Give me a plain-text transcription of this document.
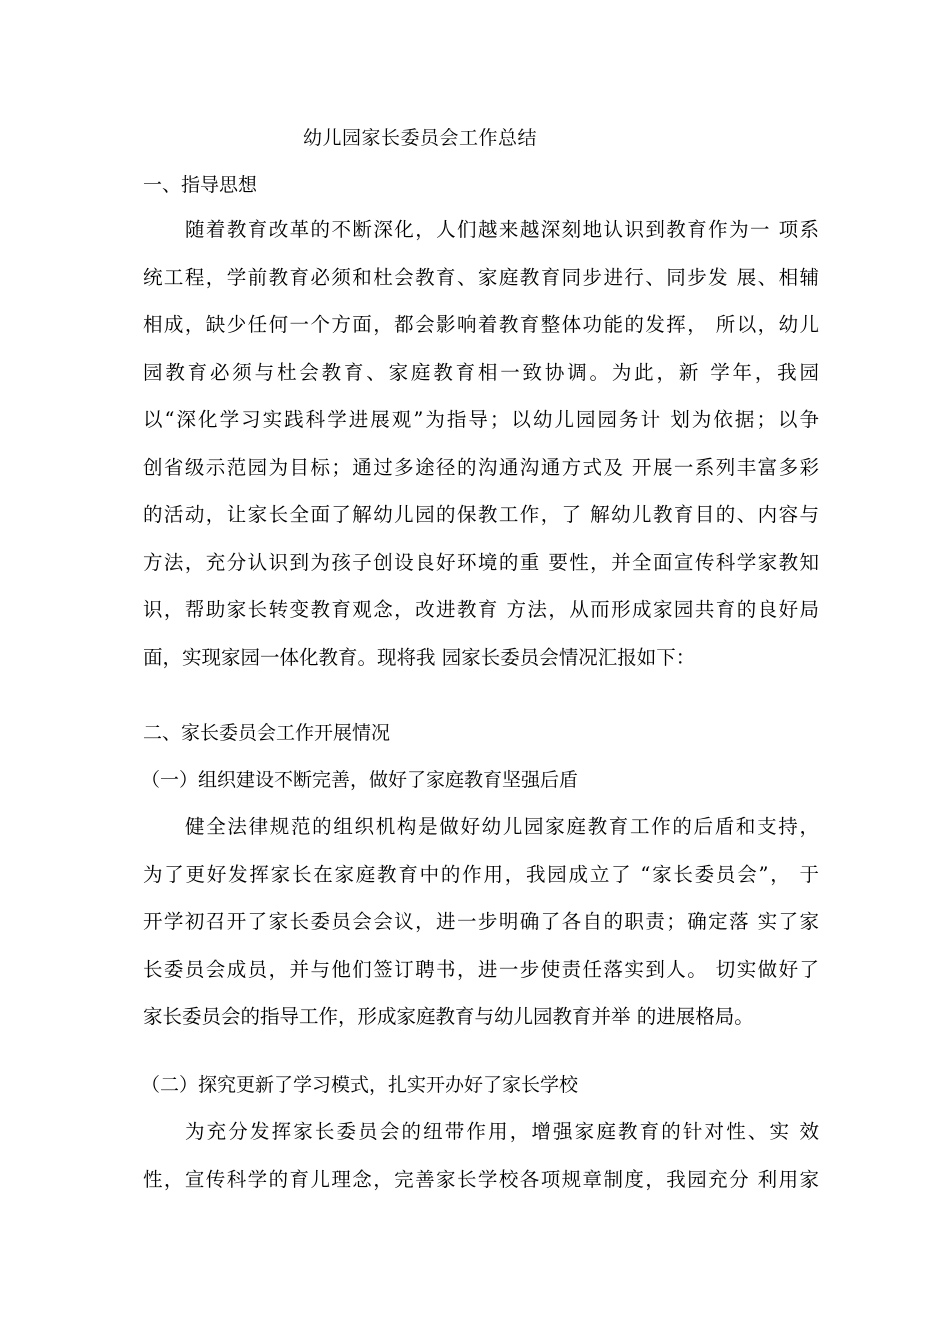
幼儿园家长委员会工作总结
一、指导思想
随着教育改革的不断深化，人们越来越深刻地认识到教育作为一 项系
统工程，学前教育必须和杜会教育、家庭教育同步进行、同步发 展、相辅
相成，缺少任何一个方面，都会影响着教育整体功能的发挥， 所以，幼儿
园教育必须与杜会教育、家庭教育相一致协调。为此，新 学年，我园
以“深化学习实践科学进展观”为指导；以幼儿园园务计 划为依据；以争
创省级示范园为目标；通过多途径的沟通沟通方式及 开展一系列丰富多彩
的活动，让家长全面了解幼儿园的保教工作，了 解幼儿教育目的、内容与
方法，充分认识到为孩子创设良好环境的重 要性，并全面宣传科学家教知
识，帮助家长转变教育观念，改进教育 方法，从而形成家园共育的良好局
面，实现家园一体化教育。现将我 园家长委员会情况汇报如下：
二、家长委员会工作开展情况
（一）组织建设不断完善，做好了家庭教育坚强后盾
健全法律规范的组织机构是做好幼儿园家庭教育工作的后盾和支持，
为了更好发挥家长在家庭教育中的作用，我园成立了 “家长委员会”， 于
开学初召开了家长委员会会议，进一步明确了各自的职责；确定落 实了家
长委员会成员，并与他们签订聘书，进一步使责任落实到人。 切实做好了
家长委员会的指导工作，形成家庭教育与幼儿园教育并举 的进展格局。
（二）探究更新了学习模式，扎实开办好了家长学校
为充分发挥家长委员会的纽带作用，增强家庭教育的针对性、实 效
性，宣传科学的育儿理念，完善家长学校各项规章制度，我园充分 利用家
